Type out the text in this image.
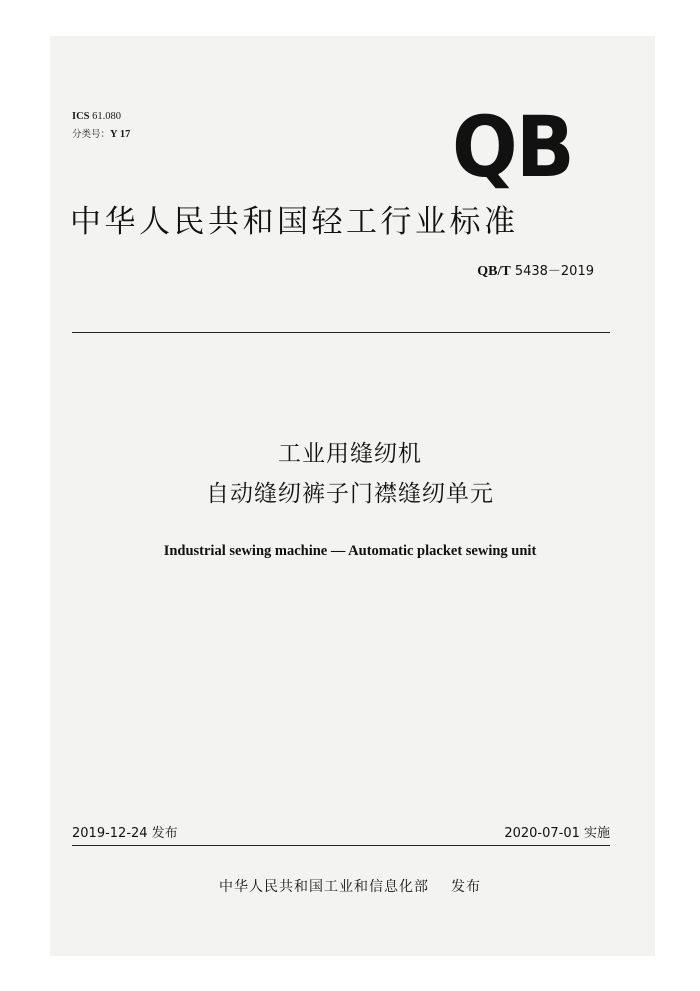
ICS 61.080
分类号：Y 17	QB
中华人民共和国轻工行业标准
QB/T 5438－2019
工业用缝纫机
自动缝纫裤子门襟缝纫单元
Industrial sewing machine — Automatic placket sewing unit
2019-12-24 发布	2020-07-01 实施
中华人民共和国工业和信息化部 发布
